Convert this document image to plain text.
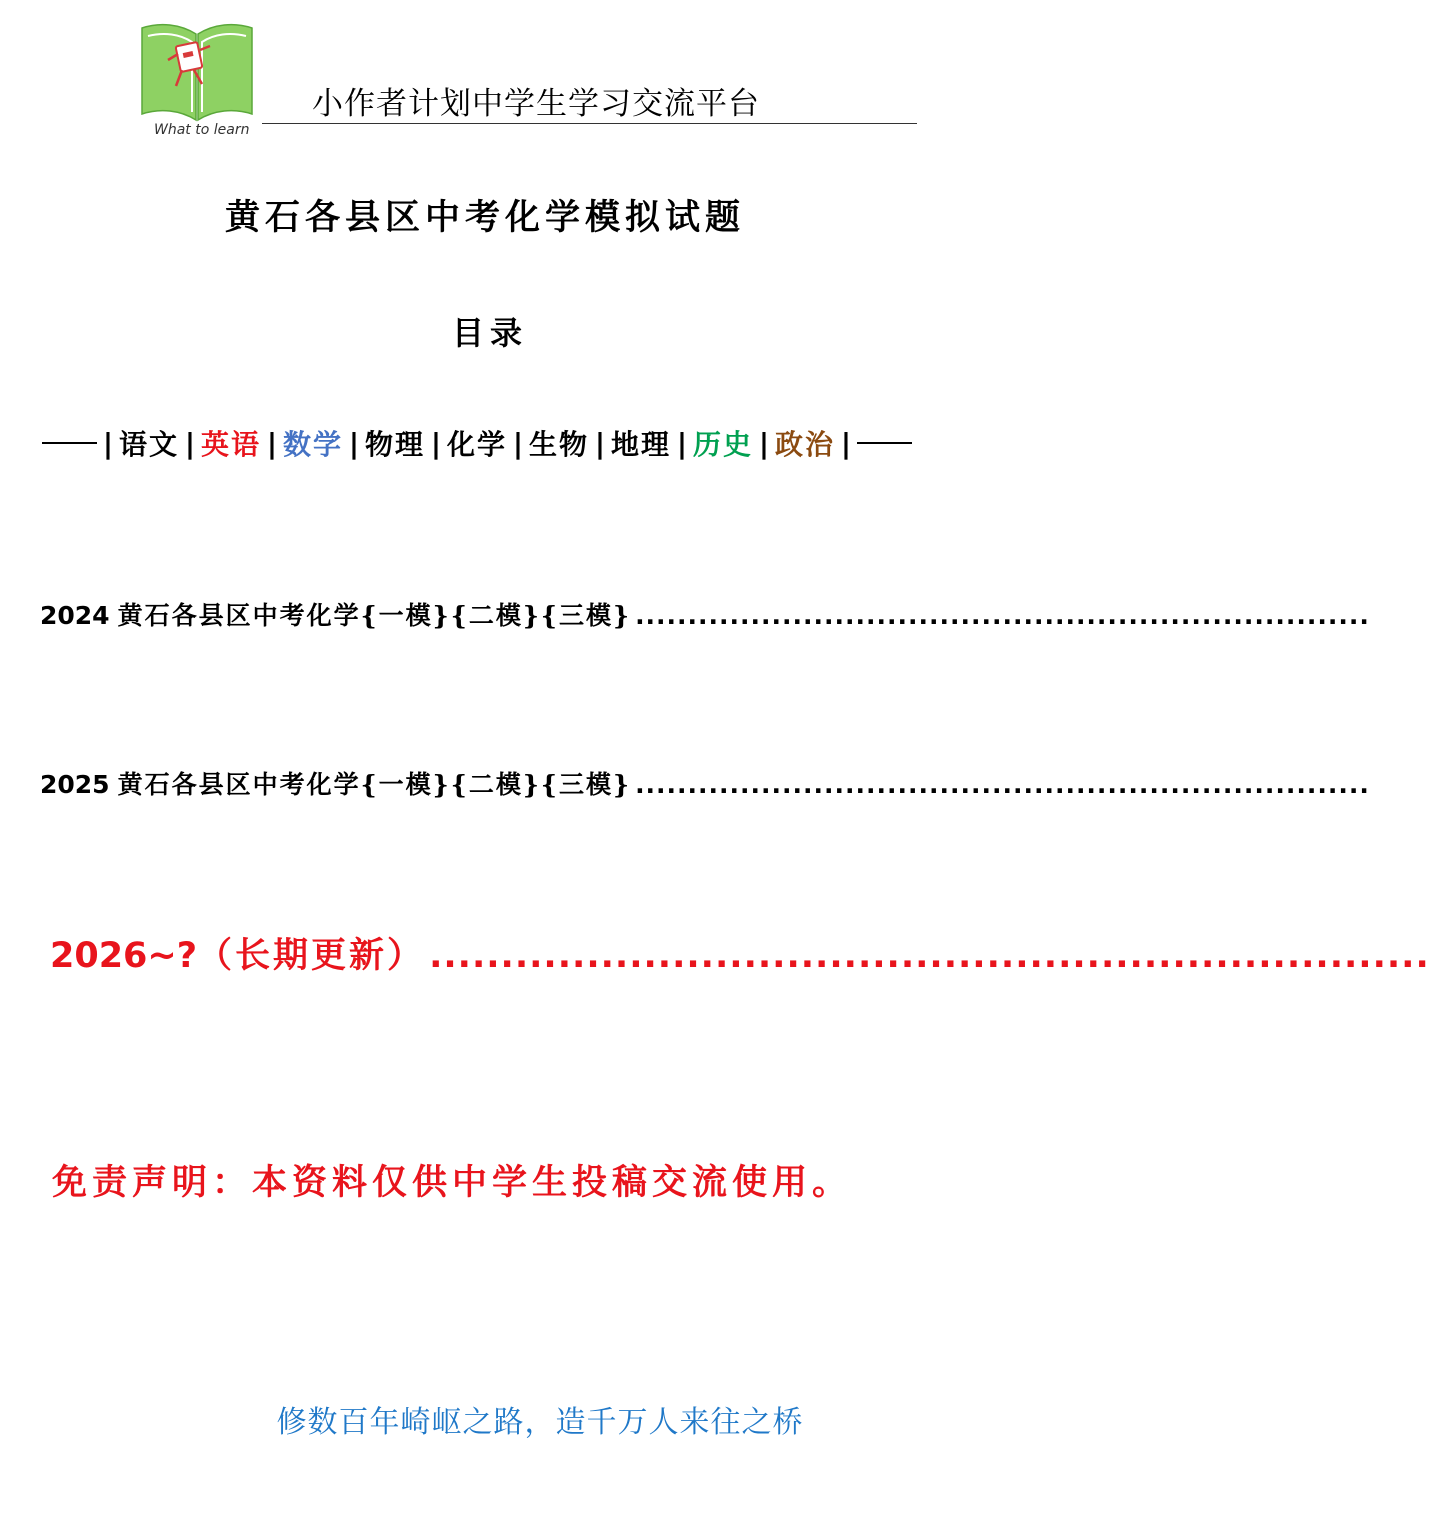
What to learn
小作者计划中学生学习交流平台
黄石各县区中考化学模拟试题
目录
| 语文 | 英语 | 数学 | 物理 | 化学 | 生物 | 地理 | 历史 | 政治 |
2024 黄石各县区中考化学{一模}{二模}{三模} ......................................................................
2025 黄石各县区中考化学{一模}{二模}{三模} ......................................................................
2026~? （长期更新） ......................................................................
免责声明：本资料仅供中学生投稿交流使用。
修数百年崎岖之路，造千万人来往之桥
